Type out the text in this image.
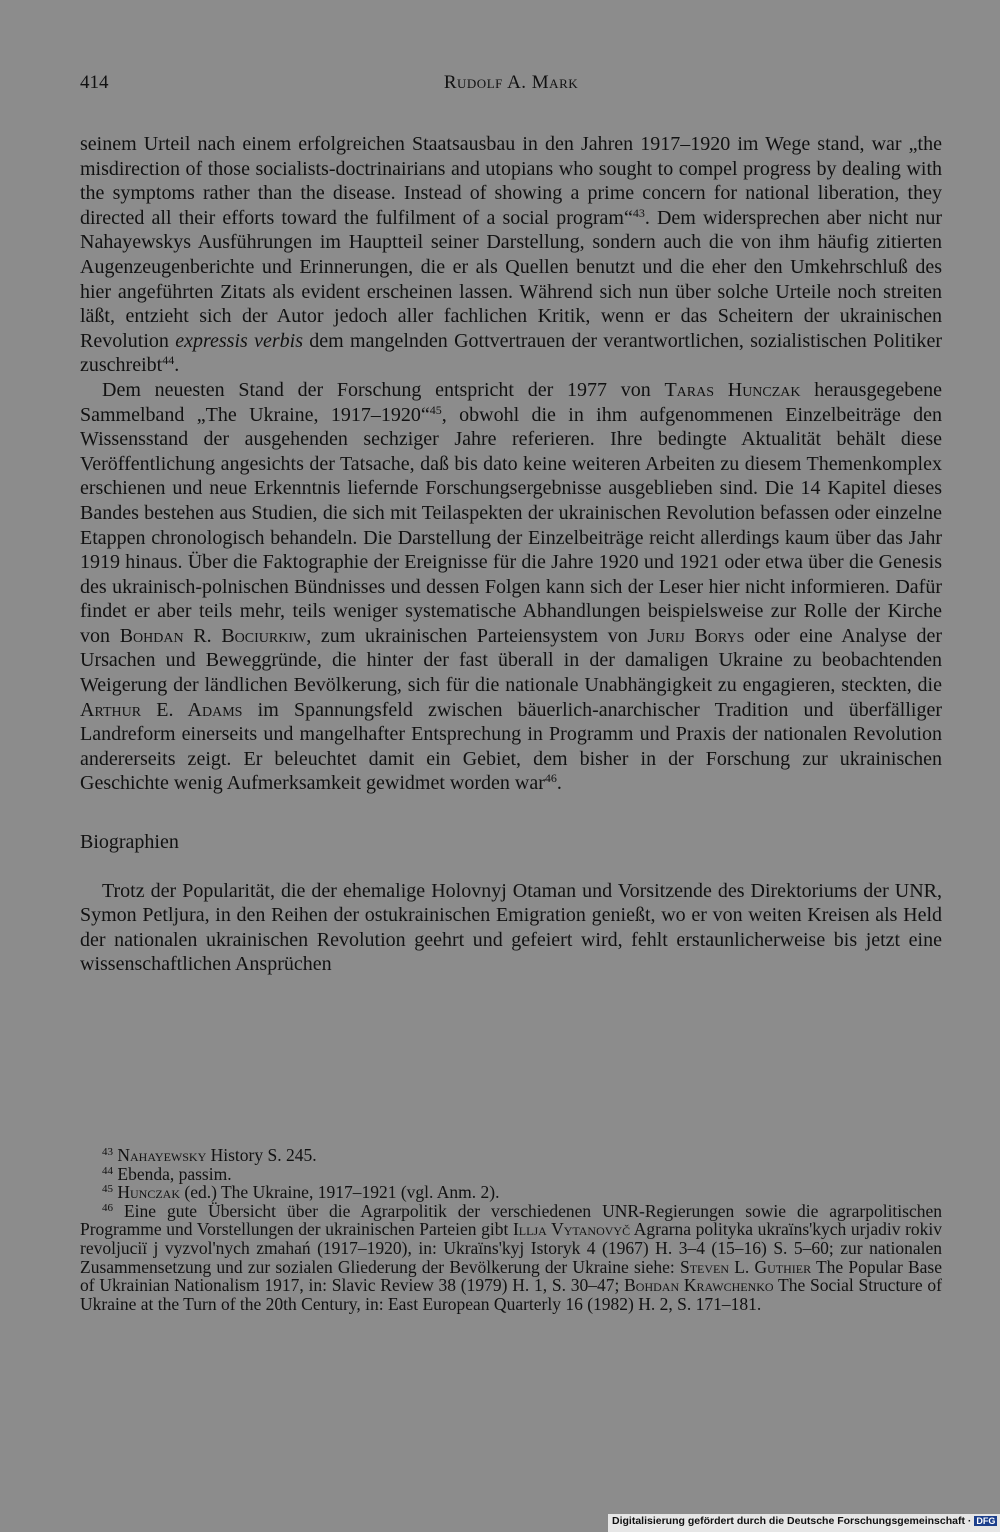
414	Rudolf A. Mark

seinem Urteil nach einem erfolgreichen Staatsausbau in den Jahren 1917–1920 im Wege stand, war „the misdirection of those socialists-doctrinairians and utopians who sought to compel progress by dealing with the symptoms rather than the disease. Instead of showing a prime concern for national liberation, they directed all their efforts toward the fulfilment of a social program“$^{43}$. Dem widersprechen aber nicht nur Nahayewskys Ausführungen im Hauptteil seiner Darstellung, sondern auch die von ihm häufig zitierten Augenzeugenberichte und Erinnerungen, die er als Quellen benutzt und die eher den Umkehrschluß des hier angeführten Zitats als evident erscheinen lassen. Während sich nun über solche Urteile noch streiten läßt, entzieht sich der Autor jedoch aller fachlichen Kritik, wenn er das Scheitern der ukrainischen Revolution expressis verbis dem mangelnden Gottvertrauen der verantwortlichen, sozialistischen Politiker zuschreibt$^{44}$.

Dem neuesten Stand der Forschung entspricht der 1977 von Taras Hunczak herausgegebene Sammelband „The Ukraine, 1917–1920“$^{45}$, obwohl die in ihm aufgenommenen Einzelbeiträge den Wissensstand der ausgehenden sechziger Jahre referieren. Ihre bedingte Aktualität behält diese Veröffentlichung angesichts der Tatsache, daß bis dato keine weiteren Arbeiten zu diesem Themenkomplex erschienen und neue Erkenntnis liefernde Forschungsergebnisse ausgeblieben sind. Die 14 Kapitel dieses Bandes bestehen aus Studien, die sich mit Teilaspekten der ukrainischen Revolution befassen oder einzelne Etappen chronologisch behandeln. Die Darstellung der Einzelbeiträge reicht allerdings kaum über das Jahr 1919 hinaus. Über die Faktographie der Ereignisse für die Jahre 1920 und 1921 oder etwa über die Genesis des ukrainisch-polnischen Bündnisses und dessen Folgen kann sich der Leser hier nicht informieren. Dafür findet er aber teils mehr, teils weniger systematische Abhandlungen beispielsweise zur Rolle der Kirche von Bohdan R. Bociurkiw, zum ukrainischen Parteiensystem von Jurij Borys oder eine Analyse der Ursachen und Beweggründe, die hinter der fast überall in der damaligen Ukraine zu beobachtenden Weigerung der ländlichen Bevölkerung, sich für die nationale Unabhängigkeit zu engagieren, steckten, die Arthur E. Adams im Spannungsfeld zwischen bäuerlich-anarchischer Tradition und überfälliger Landreform einerseits und mangelhafter Entsprechung in Programm und Praxis der nationalen Revolution andererseits zeigt. Er beleuchtet damit ein Gebiet, dem bisher in der Forschung zur ukrainischen Geschichte wenig Aufmerksamkeit gewidmet worden war$^{46}$.

Biographien

Trotz der Popularität, die der ehemalige Holovnyj Otaman und Vorsitzende des Direktoriums der UNR, Symon Petljura, in den Reihen der ostukrainischen Emigration genießt, wo er von weiten Kreisen als Held der nationalen ukrainischen Revolution geehrt und gefeiert wird, fehlt erstaunlicherweise bis jetzt eine wissenschaftlichen Ansprüchen

$^{43}$ Nahayewsky History S. 245.

$^{44}$ Ebenda, passim.

$^{45}$ Hunczak (ed.) The Ukraine, 1917–1921 (vgl. Anm. 2).

$^{46}$ Eine gute Übersicht über die Agrarpolitik der verschiedenen UNR-Regierungen sowie die agrarpolitischen Programme und Vorstellungen der ukrainischen Parteien gibt Illja Vytanovyč Agrarna polityka ukraïns'kych urjadiv rokiv revoljuciï j vyzvol'nych zmahań (1917–1920), in: Ukraïns'kyj Istoryk 4 (1967) H. 3–4 (15–16) S. 5–60; zur nationalen Zusammensetzung und zur sozialen Gliederung der Bevölkerung der Ukraine siehe: Steven L. Guthier The Popular Base of Ukrainian Nationalism 1917, in: Slavic Review 38 (1979) H. 1, S. 30–47; Bohdan Krawchenko The Social Structure of Ukraine at the Turn of the 20th Century, in: East European Quarterly 16 (1982) H. 2, S. 171–181.

Digitalisierung gefördert durch die Deutsche Forschungsgemeinschaft · DFG
